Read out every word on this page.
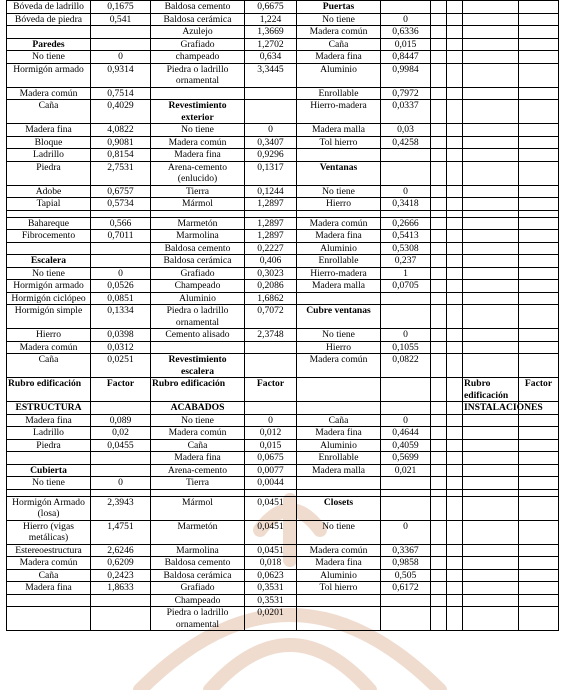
Bóveda de ladrillo	0,1675	Baldosa cemento	0,6675	Puertas					
Bóveda de piedra	0,541	Baldosa cerámica	1,224	No tiene	0				
		Azulejo	1,3669	Madera común	0,6336				
Paredes		Grafiado	1,2702	Caña	0,015				
No tiene	0	champeado	0,634	Madera fina	0,8447				
Hormigón armado	0,9314	Piedra o ladrillo ornamental	3,3445	Aluminio	0,9984				
Madera común	0,7514			Enrollable	0,7972				
Caña	0,4029	Revestimiento exterior		Hierro-madera	0,0337				
Madera fina	4,0822	No tiene	0	Madera malla	0,03				
Bloque	0,9081	Madera común	0,3407	Tol hierro	0,4258				
Ladrillo	0,8154	Madera fina	0,9296						
Piedra	2,7531	Arena-cemento (enlucido)	0,1317	Ventanas					
Adobe	0,6757	Tierra	0,1244	No tiene	0				
Tapial	0,5734	Mármol	1,2897	Hierro	0,3418				

Bahareque	0,566	Marmetón	1,2897	Madera común	0,2666				
Fibrocemento	0,7011	Marmolina	1,2897	Madera fina	0,5413				
		Baldosa cemento	0,2227	Aluminio	0,5308				
Escalera		Baldosa cerámica	0,406	Enrollable	0,237				
No tiene	0	Grafiado	0,3023	Hierro-madera	1				
Hormigón armado	0,0526	Champeado	0,2086	Madera malla	0,0705				
Hormigón ciclópeo	0,0851	Aluminio	1,6862						
Hormigón simple	0,1334	Piedra o ladrillo ornamental	0,7072	Cubre ventanas					
Hierro	0,0398	Cemento alisado	2,3748	No tiene	0				
Madera común	0,0312			Hierro	0,1055				
Caña	0,0251	Revestimiento escalera		Madera común	0,0822				
Rubro edificación	Factor	Rubro edificación	Factor					Rubro edificación	Factor
ESTRUCTURA		ACABADOS						INSTALACIONES	
Madera fina	0,089	No tiene	0	Caña	0				
Ladrillo	0,02	Madera común	0,012	Madera fina	0,4644				
Piedra	0,0455	Caña	0,015	Aluminio	0,4059				
		Madera fina	0,0675	Enrollable	0,5699				
Cubierta		Arena-cemento	0,0077	Madera malla	0,021				
No tiene	0	Tierra	0,0044						

Hormigón Armado (losa)	2,3943	Mármol	0,0451	Closets					
Hierro (vigas metálicas)	1,4751	Marmetón	0,0451	No tiene	0				
Estereoestructura	2,6246	Marmolina	0,0451	Madera común	0,3367				
Madera común	0,6209	Baldosa cemento	0,018	Madera fina	0,9858				
Caña	0,2423	Baldosa cerámica	0,0623	Aluminio	0,505				
Madera fina	1,8633	Grafiado	0,3531	Tol hierro	0,6172				
		Champeado	0,3531						
		Piedra o ladrillo ornamental	0,0201						
